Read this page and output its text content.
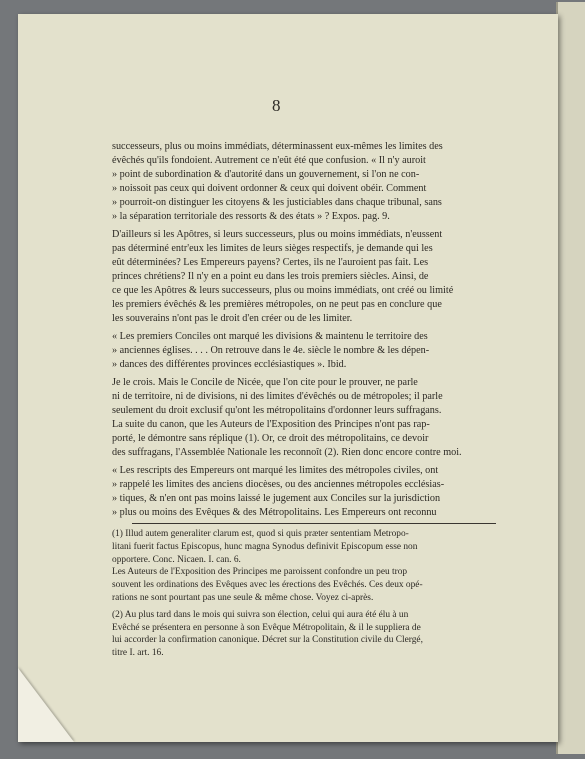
8
successeurs, plus ou moins immédiats, déterminassent eux-mêmes les limites des
évêchés qu'ils fondoient. Autrement ce n'eût été que confusion. « Il n'y auroit
» point de subordination & d'autorité dans un gouvernement, si l'on ne con-
» noissoit pas ceux qui doivent ordonner & ceux qui doivent obéir. Comment
» pourroit-on distinguer les citoyens & les justiciables dans chaque tribunal, sans
» la séparation territoriale des ressorts & des états » ? Expos. pag. 9.
D'ailleurs si les Apôtres, si leurs successeurs, plus ou moins immédiats, n'eussent
pas déterminé entr'eux les limites de leurs sièges respectifs, je demande qui les
eût déterminées? Les Empereurs payens? Certes, ils ne l'auroient pas fait. Les
princes chrétiens? Il n'y en a point eu dans les trois premiers siècles. Ainsi, de
ce que les Apôtres & leurs successeurs, plus ou moins immédiats, ont créé ou limité
les premiers évêchés & les premières métropoles, on ne peut pas en conclure que
les souverains n'ont pas le droit d'en créer ou de les limiter.
« Les premiers Conciles ont marqué les divisions & maintenu le territoire des
» anciennes églises. . . . On retrouve dans le 4e. siècle le nombre & les dépen-
» dances des différentes provinces ecclésiastiques ». Ibid.
Je le crois. Mais le Concile de Nicée, que l'on cite pour le prouver, ne parle
ni de territoire, ni de divisions, ni des limites d'évêchés ou de métropoles; il parle
seulement du droit exclusif qu'ont les métropolitains d'ordonner leurs suffragans.
La suite du canon, que les Auteurs de l'Exposition des Principes n'ont pas rap-
porté, le démontre sans réplique (1). Or, ce droit des métropolitains, ce devoir
des suffragans, l'Assemblée Nationale les reconnoît (2). Rien donc encore contre moi.
« Les rescripts des Empereurs ont marqué les limites des métropoles civiles, ont
» rappelé les limites des anciens diocèses, ou des anciennes métropoles ecclésias-
» tiques, & n'en ont pas moins laissé le jugement aux Conciles sur la jurisdiction
» plus ou moins des Evêques & des Métropolitains. Les Empereurs ont reconnu
(1) Illud autem generaliter clarum est, quod si quis præter sententiam Metropo-
litani fuerit factus Episcopus, hunc magna Synodus definivit Episcopum esse non
opportere. Conc. Nicaen. I. can. 6.
Les Auteurs de l'Exposition des Principes me paroissent confondre un peu trop
souvent les ordinations des Evêques avec les érections des Evêchés. Ces deux opé-
rations ne sont pourtant pas une seule & même chose. Voyez ci-après.
(2) Au plus tard dans le mois qui suivra son élection, celui qui aura été élu à un
Evêché se présentera en personne à son Evêque Métropolitain, & il le suppliera de
lui accorder la confirmation canonique. Décret sur la Constitution civile du Clergé,
titre I. art. 16.
